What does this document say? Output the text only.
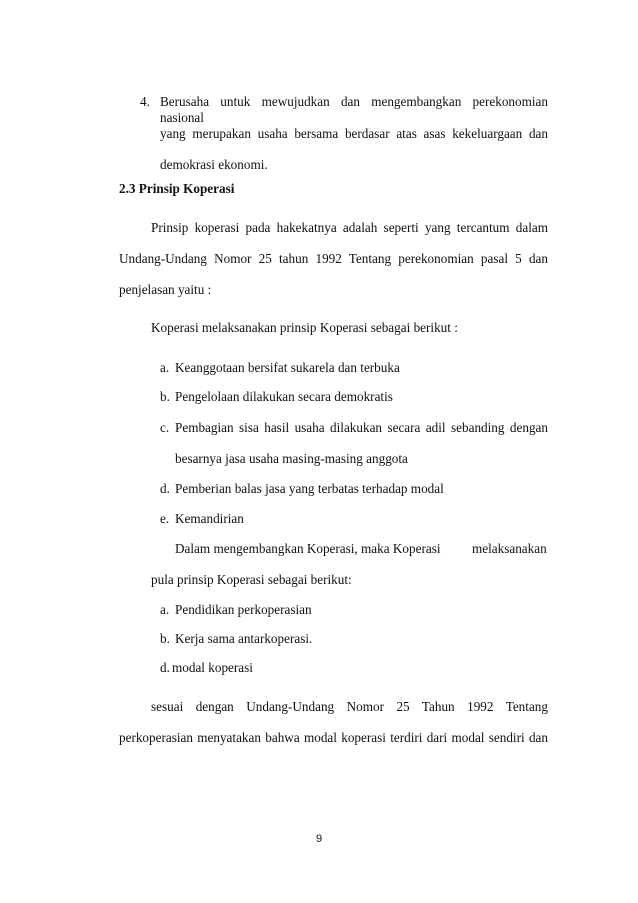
4. Berusaha untuk mewujudkan dan mengembangkan perekonomian nasional
yang merupakan usaha bersama berdasar atas asas kekeluargaan dan
demokrasi ekonomi.
2.3 Prinsip Koperasi
Prinsip koperasi pada hakekatnya adalah seperti yang tercantum dalam
Undang-Undang Nomor 25 tahun 1992 Tentang perekonomian pasal 5 dan
penjelasan yaitu :
Koperasi melaksanakan prinsip Koperasi sebagai berikut :
a. Keanggotaan bersifat sukarela dan terbuka
b. Pengelolaan dilakukan secara demokratis
c. Pembagian sisa hasil usaha dilakukan secara adil sebanding dengan
besarnya jasa usaha masing-masing anggota
d. Pemberian balas jasa yang terbatas terhadap modal
e. Kemandirian
Dalam mengembangkan Koperasi, maka Koperasi melaksanakan
pula prinsip Koperasi sebagai berikut:
a. Pendidikan perkoperasian
b. Kerja sama antarkoperasi.
d. modal koperasi
sesuai dengan Undang-Undang Nomor 25 Tahun 1992 Tentang
perkoperasian menyatakan bahwa modal koperasi terdiri dari modal sendiri dan
9
